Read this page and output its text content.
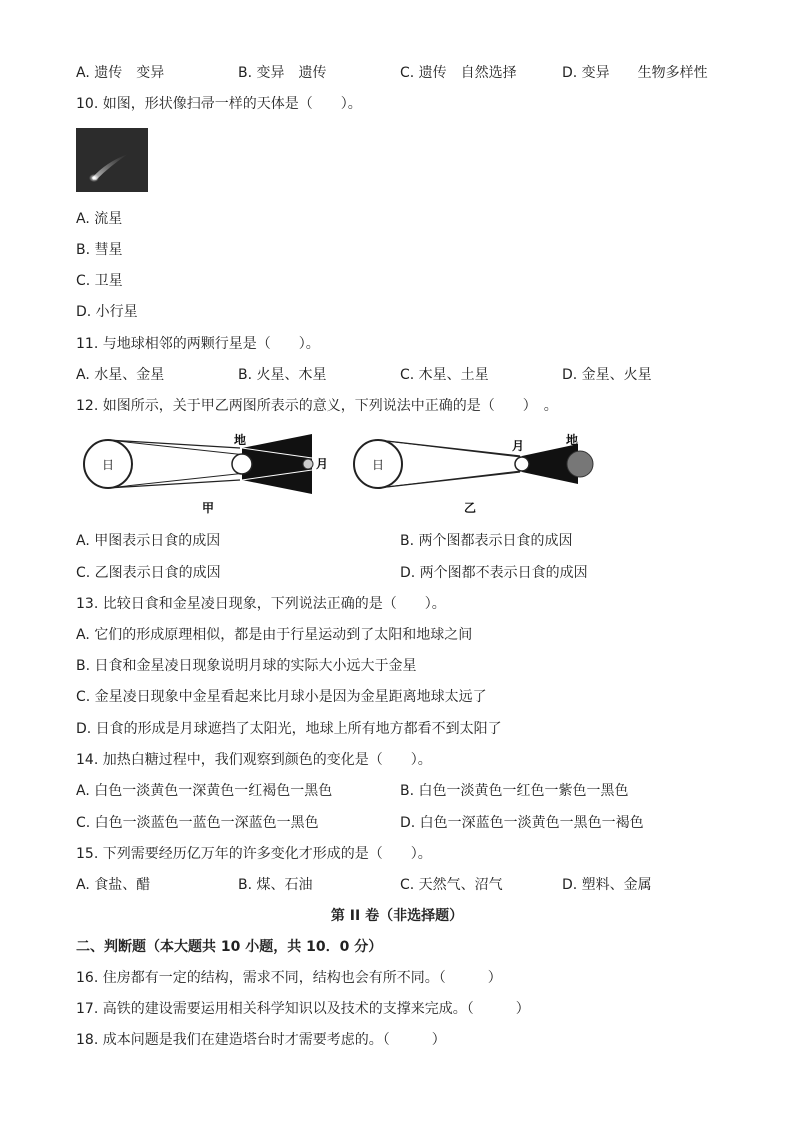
A. 遗传　变异	B. 变异　遗传	C. 遗传　自然选择	D. 变异　　生物多样性
10. 如图，形状像扫帚一样的天体是（　　）。
A. 流星
B. 彗星
C. 卫星
D. 小行星
11. 与地球相邻的两颗行星是（　　）。
A. 水星、金星	B. 火星、木星	C. 木星、土星	D. 金星、火星
12. 如图所示，关于甲乙两图所表示的意义，下列说法中正确的是（　　）　。
日
地
月
甲
日
月	地
乙
A. 甲图表示日食的成因	B. 两个图都表示日食的成因
C. 乙图表示日食的成因	D. 两个图都不表示日食的成因
13. 比较日食和金星凌日现象，下列说法正确的是（　　）。
A. 它们的形成原理相似，都是由于行星运动到了太阳和地球之间
B. 日食和金星凌日现象说明月球的实际大小远大于金星
C. 金星凌日现象中金星看起来比月球小是因为金星距离地球太远了
D. 日食的形成是月球遮挡了太阳光，地球上所有地方都看不到太阳了
14. 加热白糖过程中，我们观察到颜色的变化是（　　）。
A. 白色一淡黄色一深黄色一红褐色一黑色	B. 白色一淡黄色一红色一紫色一黑色
C. 白色一淡蓝色一蓝色一深蓝色一黑色	D. 白色一深蓝色一淡黄色一黑色一褐色
15. 下列需要经历亿万年的许多变化才形成的是（　　）。
A. 食盐、醋	B. 煤、石油	C. 天然气、沼气	D. 塑料、金属
第 II 卷（非选择题）
二、判断题（本大题共 10 小题，共 10．0 分）
16. 住房都有一定的结构，需求不同，结构也会有所不同。（　　　）
17. 高铁的建设需要运用相关科学知识以及技术的支撑来完成。（　　　）
18. 成本问题是我们在建造塔台时才需要考虑的。（　　　）
